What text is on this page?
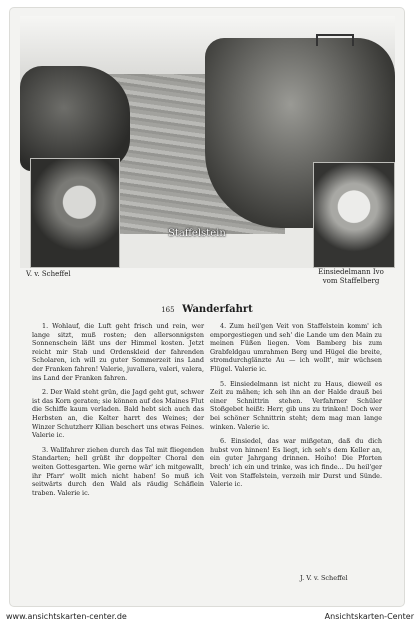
Staffelstein
V. v. Scheffel	Einsiedelmann Ivo
vom Staffelberg
165 Wanderfahrt

1. Wohlauf, die Luft geht frisch und rein, wer lange sitzt, muß rosten; den allersonnigsten Sonnenschein läßt uns der Himmel kosten. Jetzt reicht mir Stab und Ordenskleid der fahrenden Scholaren, ich will zu guter Sommerzeit ins Land der Franken fahren! Valerie, juvallera, valeri, valera, ins Land der Franken fahren.

2. Der Wald steht grün, die Jagd geht gut, schwer ist das Korn geraten; sie können auf des Maines Flut die Schiffe kaum verladen. Bald hebt sich auch das Herbsten an, die Kelter harrt des Weines; der Winzer Schutzherr Kilian beschert uns etwas Feines. Valerie ic.

3. Wallfahrer ziehen durch das Tal mit fliegenden Standarten; hell grüßt ihr doppelter Choral den weiten Gottesgarten. Wie gerne wär' ich mitgewallt, ihr Pfarr' wollt mich nicht haben! So muß ich seitwärts durch den Wald als räudig Schäflein traben. Valerie ic.

4. Zum heil'gen Veit von Staffelstein komm' ich emporgestiegen und seh' die Lande um den Main zu meinen Füßen liegen. Vom Bamberg bis zum Grabfeldgau umrahmen Berg und Hügel die breite, stromdurchglänzte Au — ich wollt', mir wüchsen Flügel. Valerie ic.

5. Einsiedelmann ist nicht zu Haus, dieweil es Zeit zu mähen; ich seh ihn an der Halde drauß bei einer Schnittrin stehen. Verfahrner Schüler Stoßgebet heißt: Herr, gib uns zu trinken! Doch wer bei schöner Schnittrin steht; dem mag man lange winken. Valerie ic.

6. Einsiedel, das war mißgetan, daß du dich hubst von hinnen! Es liegt, ich seh's dem Keller an, ein guter Jahrgang drinnen. Hoiho! Die Pforten brech' ich ein und trinke, was ich finde... Du heil'ger Veit von Staffelstein, verzeih mir Durst und Sünde. Valerie ic.

J. V. v. Scheffel
www.ansichtskarten-center.de	Ansichtskarten-Center
